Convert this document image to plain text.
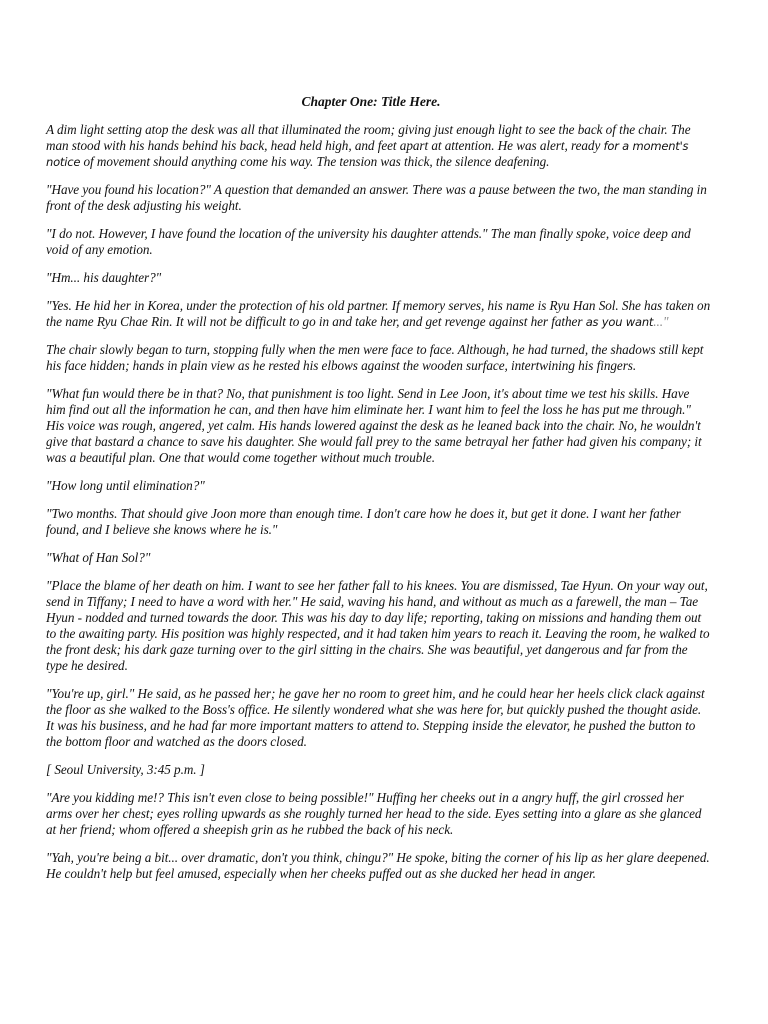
Chapter One: Title Here.

A dim light setting atop the desk was all that illuminated the room; giving just enough light to see the back of the chair. The man stood with his hands behind his back, head held high, and feet apart at attention. He was alert, ready for a moment's notice of movement should anything come his way. The tension was thick, the silence deafening.

"Have you found his location?" A question that demanded an answer. There was a pause between the two, the man standing in front of the desk adjusting his weight.

"I do not. However, I have found the location of the university his daughter attends." The man finally spoke, voice deep and void of any emotion.

"Hm... his daughter?"

"Yes. He hid her in Korea, under the protection of his old partner. If memory serves, his name is Ryu Han Sol. She has taken on the name Ryu Chae Rin. It will not be difficult to go in and take her, and get revenge against her father as you want..."

The chair slowly began to turn, stopping fully when the men were face to face. Although, he had turned, the shadows still kept his face hidden; hands in plain view as he rested his elbows against the wooden surface, intertwining his fingers.

"What fun would there be in that? No, that punishment is too light. Send in Lee Joon, it's about time we test his skills. Have him find out all the information he can, and then have him eliminate her. I want him to feel the loss he has put me through." His voice was rough, angered, yet calm. His hands lowered against the desk as he leaned back into the chair. No, he wouldn't give that bastard a chance to save his daughter. She would fall prey to the same betrayal her father had given his company; it was a beautiful plan. One that would come together without much trouble.

"How long until elimination?"

"Two months. That should give Joon more than enough time. I don't care how he does it, but get it done. I want her father found, and I believe she knows where he is."

"What of Han Sol?"

"Place the blame of her death on him. I want to see her father fall to his knees. You are dismissed, Tae Hyun. On your way out, send in Tiffany; I need to have a word with her." He said, waving his hand, and without as much as a farewell, the man – Tae Hyun - nodded and turned towards the door. This was his day to day life; reporting, taking on missions and handing them out to the awaiting party. His position was highly respected, and it had taken him years to reach it. Leaving the room, he walked to the front desk; his dark gaze turning over to the girl sitting in the chairs. She was beautiful, yet dangerous and far from the type he desired.

"You're up, girl." He said, as he passed her; he gave her no room to greet him, and he could hear her heels click clack against the floor as she walked to the Boss's office. He silently wondered what she was here for, but quickly pushed the thought aside. It was his business, and he had far more important matters to attend to. Stepping inside the elevator, he pushed the button to the bottom floor and watched as the doors closed.

[ Seoul University, 3:45 p.m. ]

"Are you kidding me!? This isn't even close to being possible!" Huffing her cheeks out in a angry huff, the girl crossed her arms over her chest; eyes rolling upwards as she roughly turned her head to the side. Eyes setting into a glare as she glanced at her friend; whom offered a sheepish grin as he rubbed the back of his neck.

"Yah, you're being a bit... over dramatic, don't you think, chingu?" He spoke, biting the corner of his lip as her glare deepened. He couldn't help but feel amused, especially when her cheeks puffed out as she ducked her head in anger.
